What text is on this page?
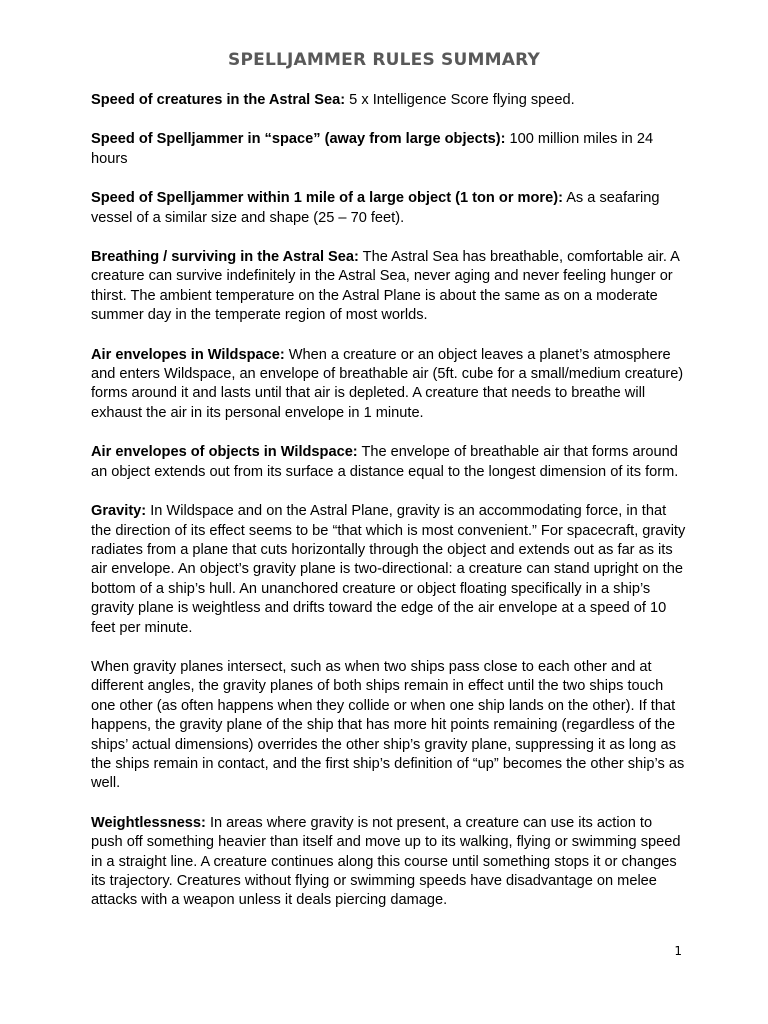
SPELLJAMMER RULES SUMMARY

Speed of creatures in the Astral Sea: 5 x Intelligence Score flying speed.

Speed of Spelljammer in “space” (away from large objects): 100 million miles in 24 hours

Speed of Spelljammer within 1 mile of a large object (1 ton or more): As a seafaring vessel of a similar size and shape (25 – 70 feet).

Breathing / surviving in the Astral Sea: The Astral Sea has breathable, comfortable air. A creature can survive indefinitely in the Astral Sea, never aging and never feeling hunger or thirst. The ambient temperature on the Astral Plane is about the same as on a moderate summer day in the temperate region of most worlds.

Air envelopes in Wildspace: When a creature or an object leaves a planet’s atmosphere and enters Wildspace, an envelope of breathable air (5ft. cube for a small/medium creature) forms around it and lasts until that air is depleted. A creature that needs to breathe will exhaust the air in its personal envelope in 1 minute.

Air envelopes of objects in Wildspace: The envelope of breathable air that forms around an object extends out from its surface a distance equal to the longest dimension of its form.

Gravity: In Wildspace and on the Astral Plane, gravity is an accommodating force, in that the direction of its effect seems to be “that which is most convenient.” For spacecraft, gravity radiates from a plane that cuts horizontally through the object and extends out as far as its air envelope. An object’s gravity plane is two-directional: a creature can stand upright on the bottom of a ship’s hull. An unanchored creature or object floating specifically in a ship’s gravity plane is weightless and drifts toward the edge of the air envelope at a speed of 10 feet per minute.

When gravity planes intersect, such as when two ships pass close to each other and at different angles, the gravity planes of both ships remain in effect until the two ships touch one other (as often happens when they collide or when one ship lands on the other). If that happens, the gravity plane of the ship that has more hit points remaining (regardless of the ships’ actual dimensions) overrides the other ship’s gravity plane, suppressing it as long as the ships remain in contact, and the first ship’s definition of “up” becomes the other ship’s as well.

Weightlessness: In areas where gravity is not present, a creature can use its action to push off something heavier than itself and move up to its walking, flying or swimming speed in a straight line. A creature continues along this course until something stops it or changes its trajectory. Creatures without flying or swimming speeds have disadvantage on melee attacks with a weapon unless it deals piercing damage.

1
